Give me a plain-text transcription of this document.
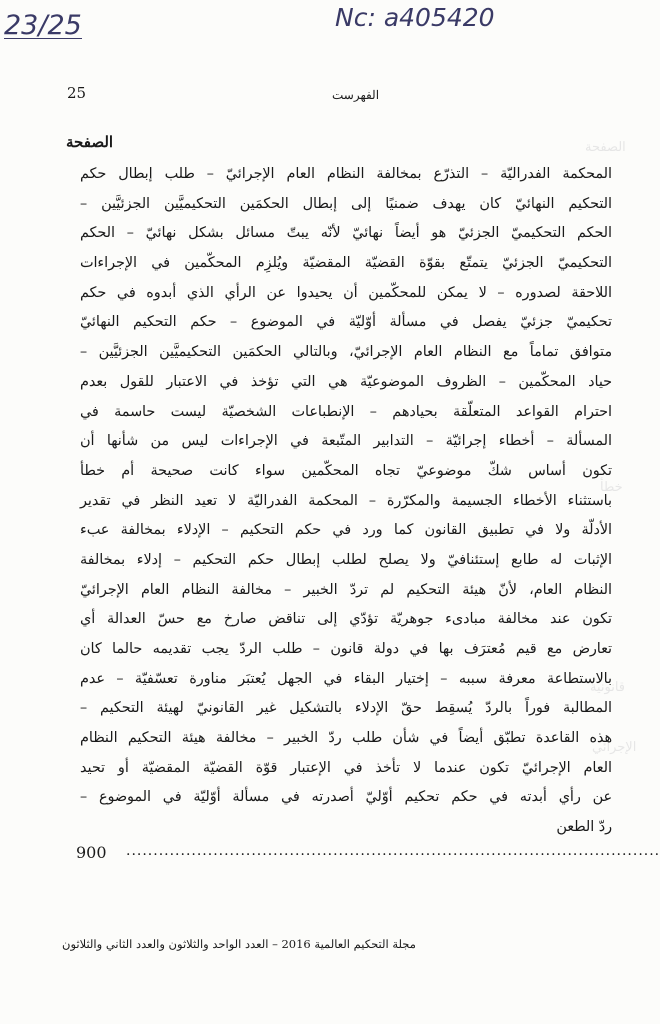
الصفحة
خطأ
قانونية
الإجرائي
23/25	Nc: a405420
25	الفهرست
الصفحة
المحكمة الفدراليّة – التذرّع بمخالفة النظام العام الإجرائيّ – طلب إبطال حكم
التحكيم النهائيّ كان يهدف ضمنيًا إلى إبطال الحكمَين التحكيميَّين الجزئيَّين –
الحكم التحكيميّ الجزئيّ هو أيضاً نهائيّ لأنّه يبتّ مسائل بشكل نهائيّ – الحكم
التحكيميّ الجزئيّ يتمتّع بقوّة القضيّة المقضيّة ويُلزِم المحكّمين في الإجراءات
اللاحقة لصدوره – لا يمكن للمحكّمين أن يحيدوا عن الرأي الذي أبدوه في حكم
تحكيميّ جزئيّ يفصل في مسألة أوّليّة في الموضوع – حكم التحكيم النهائيّ
متوافق تماماً مع النظام العام الإجرائيّ، وبالتالي الحكمَين التحكيميَّين الجزئيَّين –
حياد المحكّمين – الظروف الموضوعيّة هي التي تؤخذ في الاعتبار للقول بعدم
احترام القواعد المتعلّقة بحيادهم – الإنطباعات الشخصيّة ليست حاسمة في
المسألة – أخطاء إجرائيّة – التدابير المتّبعة في الإجراءات ليس من شأنها أن
تكون أساس شكّ موضوعيّ تجاه المحكّمين سواء كانت صحيحة أم خطأ
باستثناء الأخطاء الجسيمة والمكرّرة – المحكمة الفدراليّة لا تعيد النظر في تقدير
الأدلّة ولا في تطبيق القانون كما ورد في حكم التحكيم – الإدلاء بمخالفة عبء
الإثبات له طابع إستئنافيّ ولا يصلح لطلب إبطال حكم التحكيم – إدلاء بمخالفة
النظام العام، لأنّ هيئة التحكيم لم تردّ الخبير – مخالفة النظام العام الإجرائيّ
تكون عند مخالفة مبادىء جوهريّة تؤدّي إلى تناقض صارخ مع حسّ العدالة أي
تعارض مع قيم مُعترَف بها في دولة قانون – طلب الردّ يجب تقديمه حالما كان
بالاستطاعة معرفة سببه – إختيار البقاء في الجهل يُعتبَر مناورة تعسّفيّة – عدم
المطالبة فوراً بالردّ يُسقِط حقّ الإدلاء بالتشكيل غير القانونيّ لهيئة التحكيم –
هذه القاعدة تطبّق أيضاً في شأن طلب ردّ الخبير – مخالفة هيئة التحكيم النظام
العام الإجرائيّ تكون عندما لا تأخذ في الإعتبار قوّة القضيّة المقضيّة أو تحيد
عن رأي أبدته في حكم تحكيم أوّليّ أصدرته في مسألة أوّليّة في الموضوع –
ردّ الطعن
..................................................................................................
900
مجلة التحكيم العالمية 2016 – العدد الواحد والثلاثون والعدد الثاني والثلاثون
